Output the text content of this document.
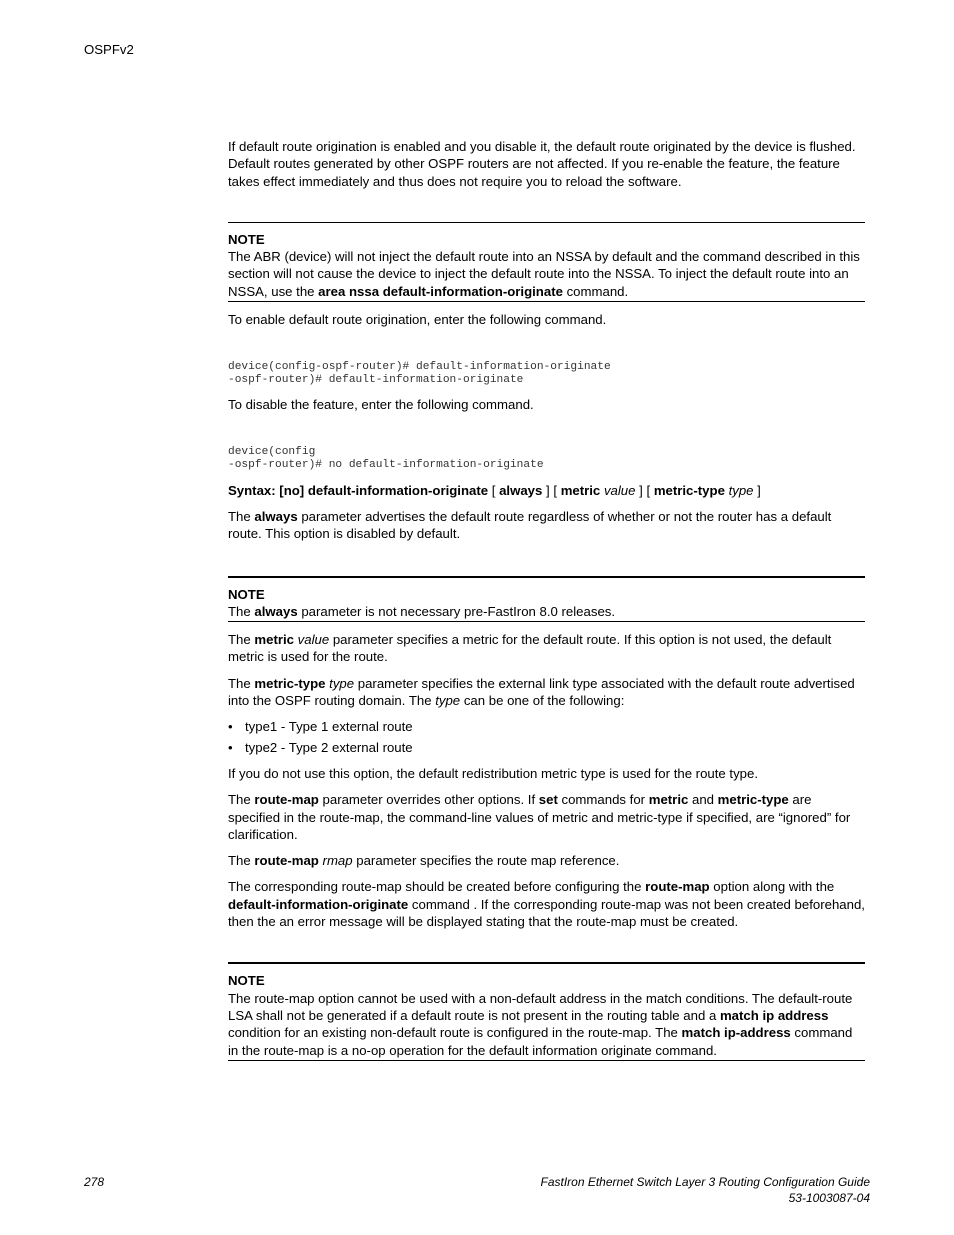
OSPFv2

If default route origination is enabled and you disable it, the default route originated by the device is flushed. Default routes generated by other OSPF routers are not affected. If you re-enable the feature, the feature takes effect immediately and thus does not require you to reload the software.

NOTE

The ABR (device) will not inject the default route into an NSSA by default and the command described in this section will not cause the device to inject the default route into the NSSA. To inject the default route into an NSSA, use the area nssa default-information-originate command.

To enable default route origination, enter the following command.

device(config-ospf-router)# default-information-originate
-ospf-router)# default-information-originate

To disable the feature, enter the following command.

device(config
-ospf-router)# no default-information-originate

Syntax: [no] default-information-originate [ always ] [ metric value ] [ metric-type type ]

The always parameter advertises the default route regardless of whether or not the router has a default route. This option is disabled by default.

NOTE

The always parameter is not necessary pre-FastIron 8.0 releases.

The metric value parameter specifies a metric for the default route. If this option is not used, the default metric is used for the route.

The metric-type type parameter specifies the external link type associated with the default route advertised into the OSPF routing domain. The type can be one of the following:

• type1 - Type 1 external route
• type2 - Type 2 external route

If you do not use this option, the default redistribution metric type is used for the route type.

The route-map parameter overrides other options. If set commands for metric and metric-type are specified in the route-map, the command-line values of metric and metric-type if specified, are “ignored” for clarification.

The route-map rmap parameter specifies the route map reference.

The corresponding route-map should be created before configuring the route-map option along with the default-information-originate command . If the corresponding route-map was not been created beforehand, then the an error message will be displayed stating that the route-map must be created.

NOTE

The route-map option cannot be used with a non-default address in the match conditions. The default-route LSA shall not be generated if a default route is not present in the routing table and a match ip address condition for an existing non-default route is configured in the route-map. The match ip-address command in the route-map is a no-op operation for the default information originate command.

278	FastIron Ethernet Switch Layer 3 Routing Configuration Guide
53-1003087-04
